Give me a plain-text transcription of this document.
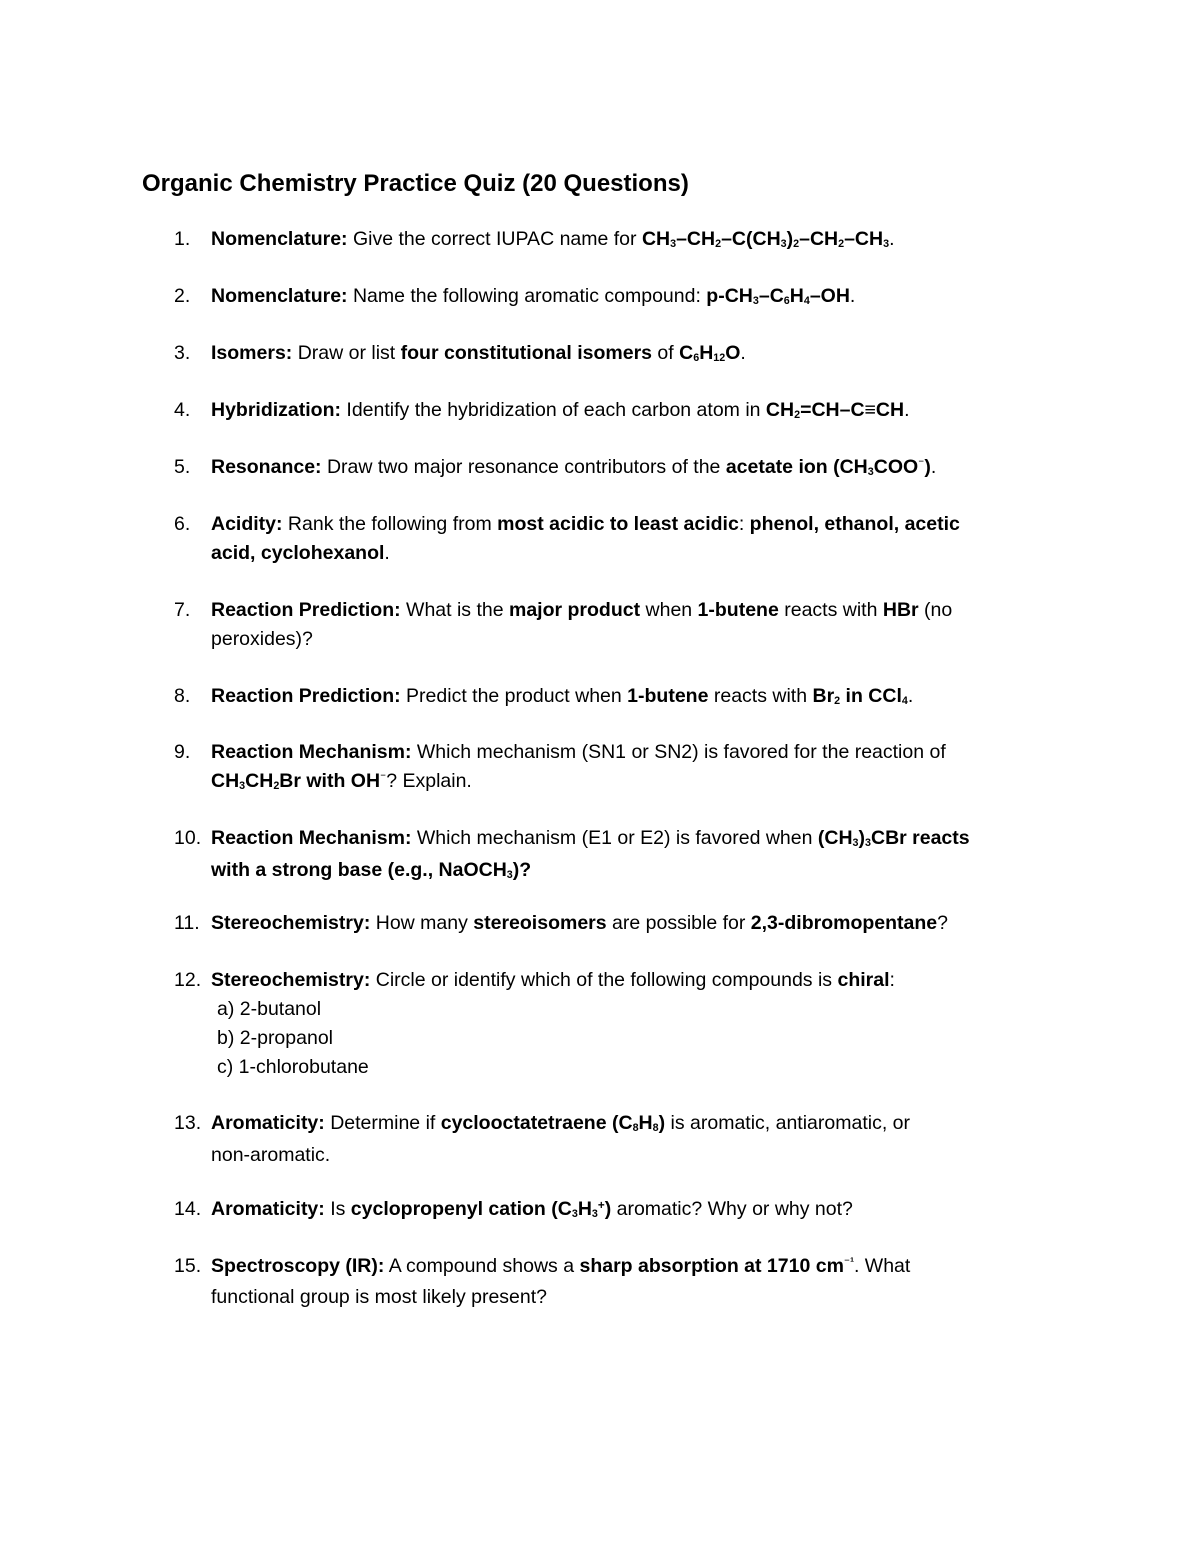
Organic Chemistry Practice Quiz (20 Questions)
1. Nomenclature: Give the correct IUPAC name for $CH_3-CH_2-C(CH_3)_2-CH_2-CH_3$.
2. Nomenclature: Name the following aromatic compound: $p-CH_3-C_6H_4-OH$.
3. Isomers: Draw or list four constitutional isomers of $C_6H_{12}O$.
4. Hybridization: Identify the hybridization of each carbon atom in $CH_2=CH-C\equiv CH$.
5. Resonance: Draw two major resonance contributors of the acetate ion $(CH_3COO^{^-})$.
6. Acidity: Rank the following from most acidic to least acidic: phenol, ethanol, acetic
acid, cyclohexanol.
7. Reaction Prediction: What is the major product when 1-butene reacts with HBr (no
peroxides)?
8. Reaction Prediction: Predict the product when 1-butene reacts with $Br_2$ in CCl$_4$.
9. Reaction Mechanism: Which mechanism (SN1 or SN2) is favored for the reaction of
$CH_3CH_2Br$ with OH⁻? Explain.
10. Reaction Mechanism: Which mechanism (E1 or E2) is favored when $(CH_3)_3CBr$ reacts
with a strong base (e.g., NaOCH$_3$)?
11. Stereochemistry: How many stereoisomers are possible for 2,3-dibromopentane?
12. Stereochemistry: Circle or identify which of the following compounds is chiral:
a) 2-butanol
b) 2-propanol
c) 1-chlorobutane
13. Aromaticity: Determine if cyclooctatetraene $(C_8H_8)$ is aromatic, antiaromatic, or
non-aromatic.
14. Aromaticity: Is cyclopropenyl cation $(C_3H_3^+)$ aromatic? Why or why not?
15. Spectroscopy (IR): A compound shows a sharp absorption at 1710 $cm^{^{-1}}$. What
functional group is most likely present?
